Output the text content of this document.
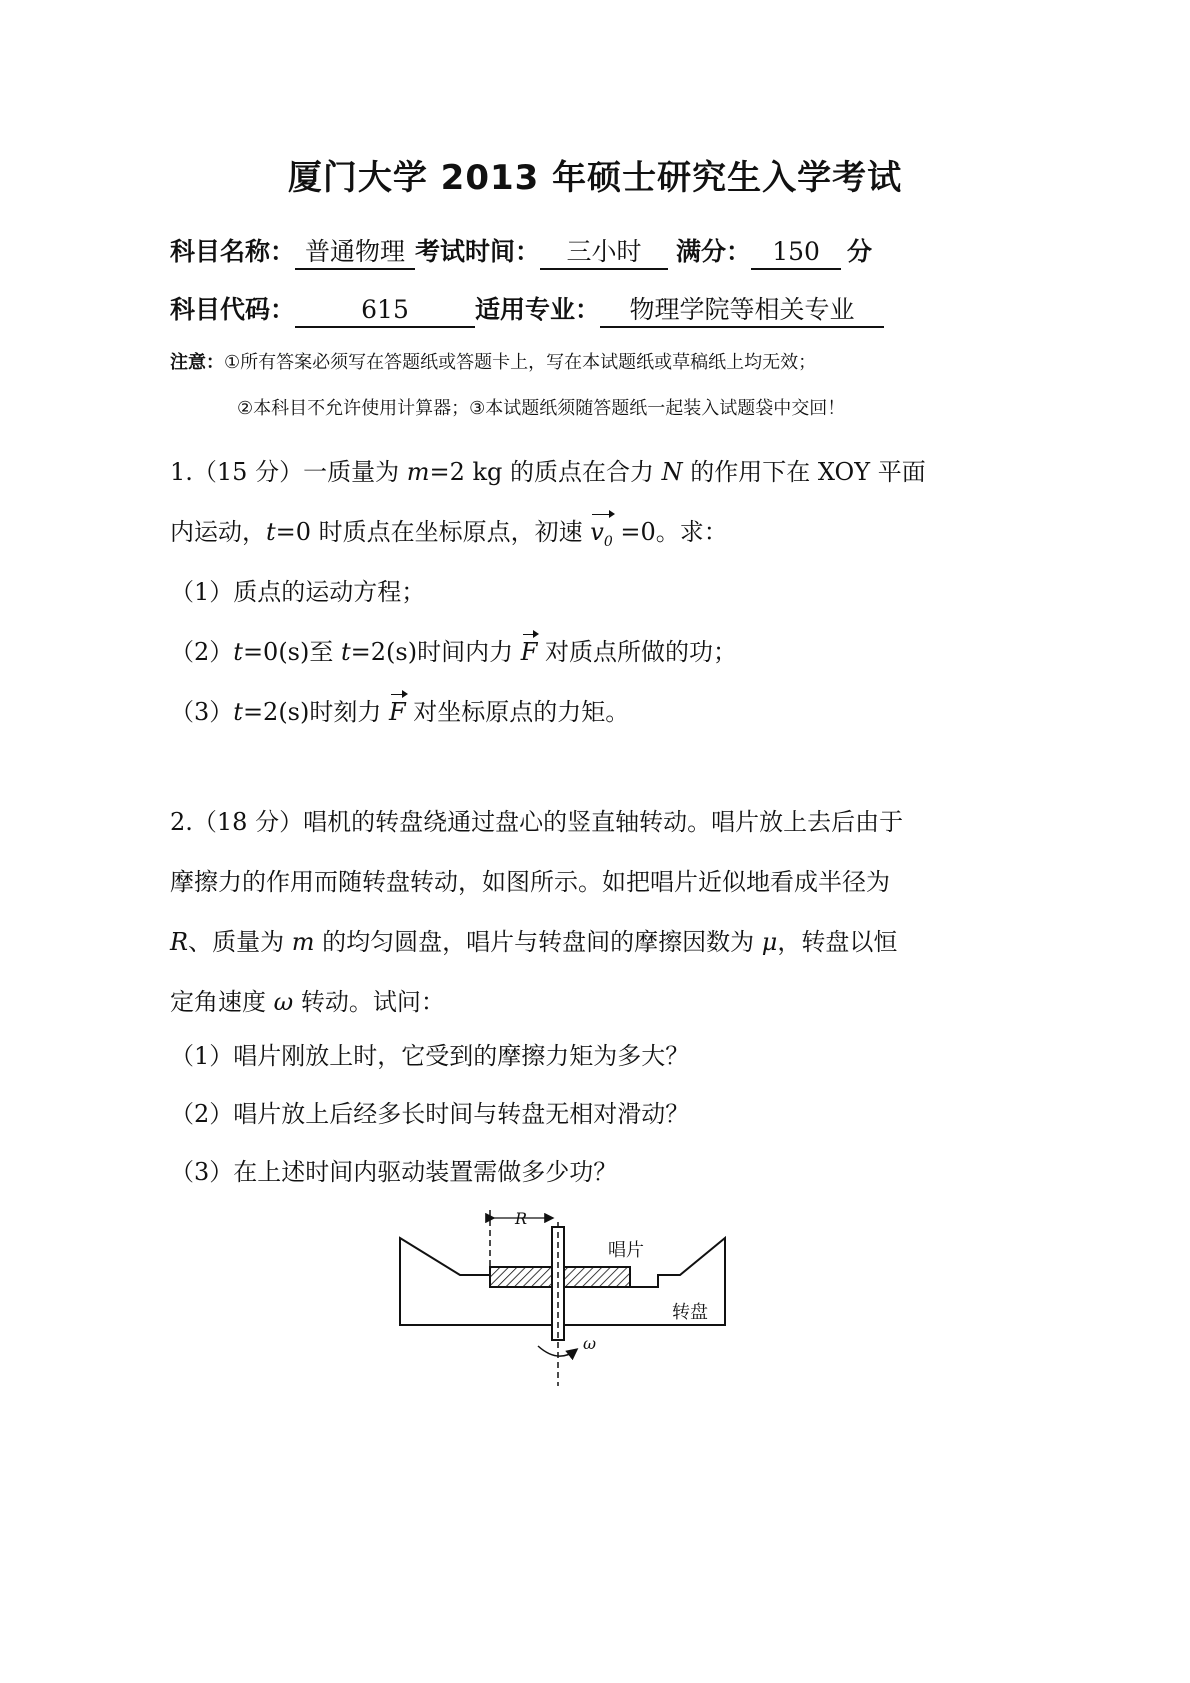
厦门大学 2013 年硕士研究生入学考试
科目名称： 普通物理 考试时间： 三小时 满分： 150 分
科目代码：	615	适用专业： 物理学院等相关专业
注意：①所有答案必须写在答题纸或答题卡上，写在本试题纸或草稿纸上均无效；
②本科目不允许使用计算器；③本试题纸须随答题纸一起装入试题袋中交回！
1.（15 分）一质量为 m=2 kg 的质点在合力 N 的作用下在 XOY 平面
内运动，t=0 时质点在坐标原点，初速 $v_0 =0$。求：
（1）质点的运动方程；
（2）t=0(s)至 t=2(s)时间内力 F 对质点所做的功；
（3）t=2(s)时刻力 F 对坐标原点的力矩。
2.（18 分）唱机的转盘绕通过盘心的竖直轴转动。唱片放上去后由于
摩擦力的作用而随转盘转动，如图所示。如把唱片近似地看成半径为
R、质量为 m 的均匀圆盘，唱片与转盘间的摩擦因数为 μ，转盘以恒
定角速度 ω 转动。试问：
（1）唱片刚放上时，它受到的摩擦力矩为多大？
（2）唱片放上后经多长时间与转盘无相对滑动？
（3）在上述时间内驱动装置需做多少功？
R
唱片
转盘
ω
